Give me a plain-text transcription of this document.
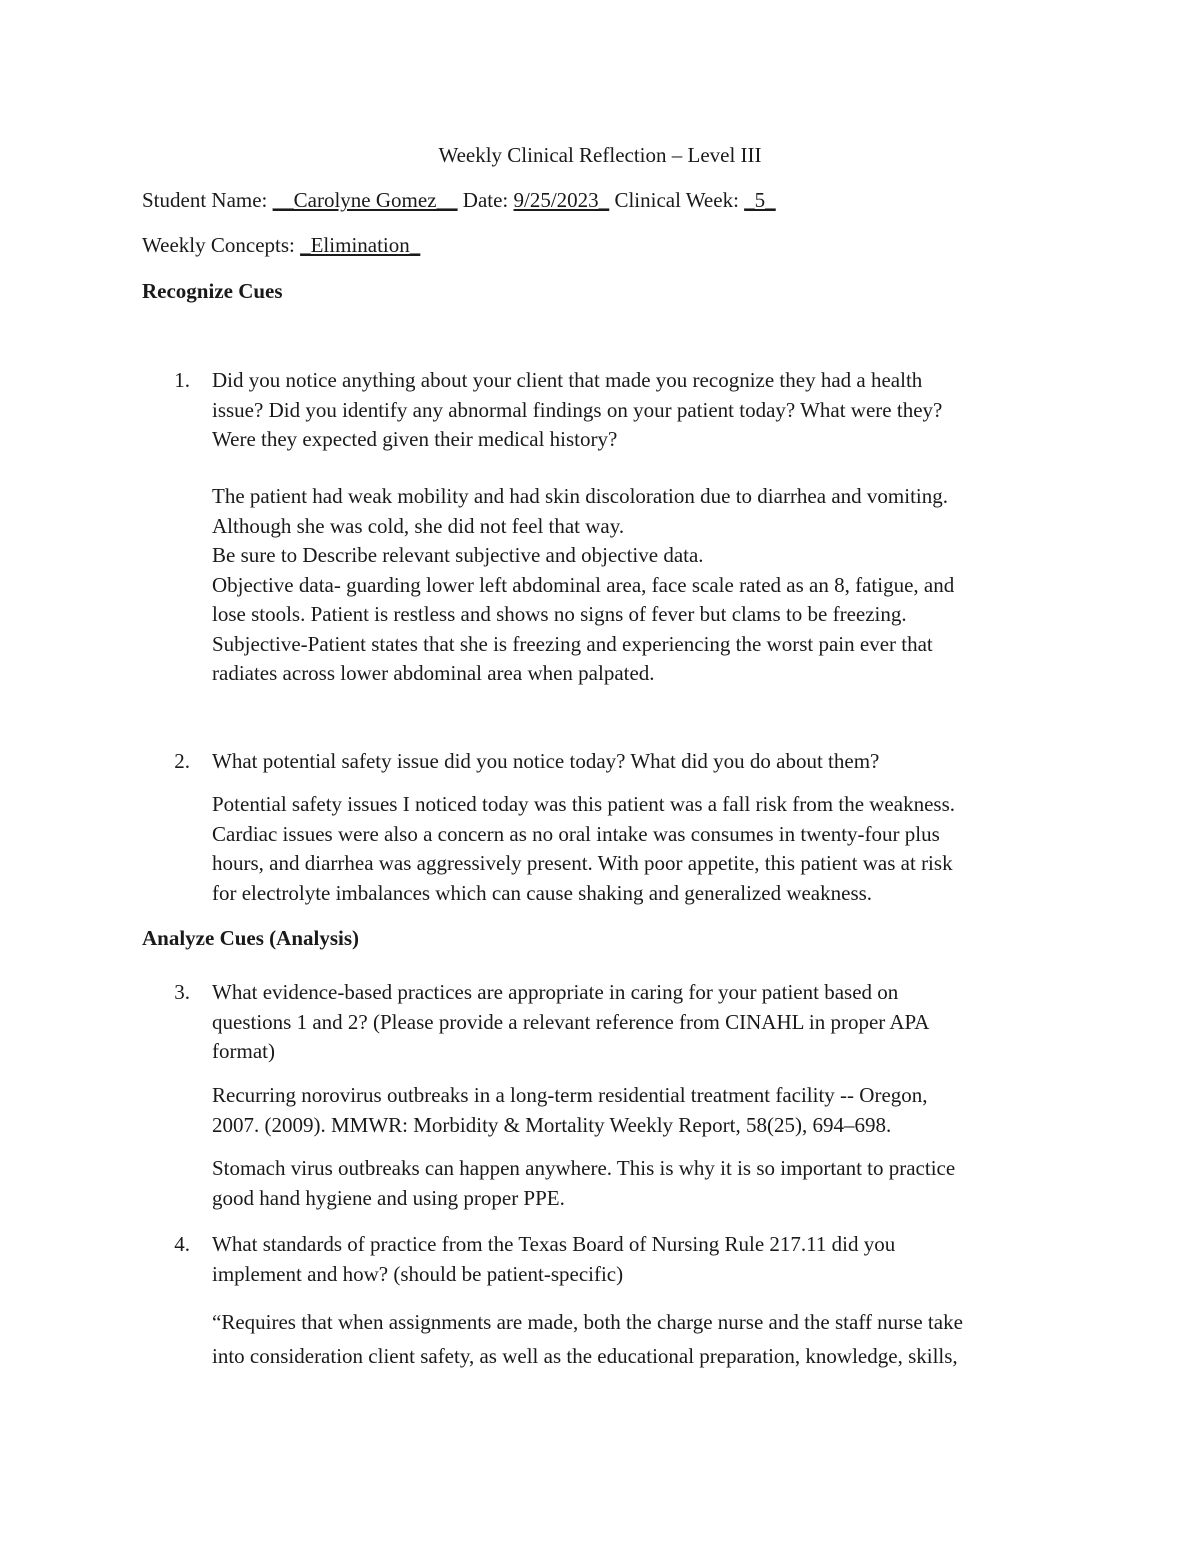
Weekly Clinical Reflection – Level III
Student Name: __Carolyne Gomez__ Date: 9/25/2023_ Clinical Week: _5_
Weekly Concepts: _Elimination_
Recognize Cues
1. Did you notice anything about your client that made you recognize they had a health
issue? Did you identify any abnormal findings on your patient today? What were they?
Were they expected given their medical history?
The patient had weak mobility and had skin discoloration due to diarrhea and vomiting.
Although she was cold, she did not feel that way.
Be sure to Describe relevant subjective and objective data.
Objective data- guarding lower left abdominal area, face scale rated as an 8, fatigue, and
lose stools. Patient is restless and shows no signs of fever but clams to be freezing.
Subjective-Patient states that she is freezing and experiencing the worst pain ever that
radiates across lower abdominal area when palpated.
2. What potential safety issue did you notice today? What did you do about them?
Potential safety issues I noticed today was this patient was a fall risk from the weakness.
Cardiac issues were also a concern as no oral intake was consumes in twenty-four plus
hours, and diarrhea was aggressively present. With poor appetite, this patient was at risk
for electrolyte imbalances which can cause shaking and generalized weakness.
Analyze Cues (Analysis)
3. What evidence-based practices are appropriate in caring for your patient based on
questions 1 and 2? (Please provide a relevant reference from CINAHL in proper APA
format)
Recurring norovirus outbreaks in a long-term residential treatment facility -- Oregon,
2007. (2009). MMWR: Morbidity & Mortality Weekly Report, 58(25), 694–698.
Stomach virus outbreaks can happen anywhere. This is why it is so important to practice
good hand hygiene and using proper PPE.
4. What standards of practice from the Texas Board of Nursing Rule 217.11 did you
implement and how? (should be patient-specific)
“Requires that when assignments are made, both the charge nurse and the staff nurse take
into consideration client safety, as well as the educational preparation, knowledge, skills,
